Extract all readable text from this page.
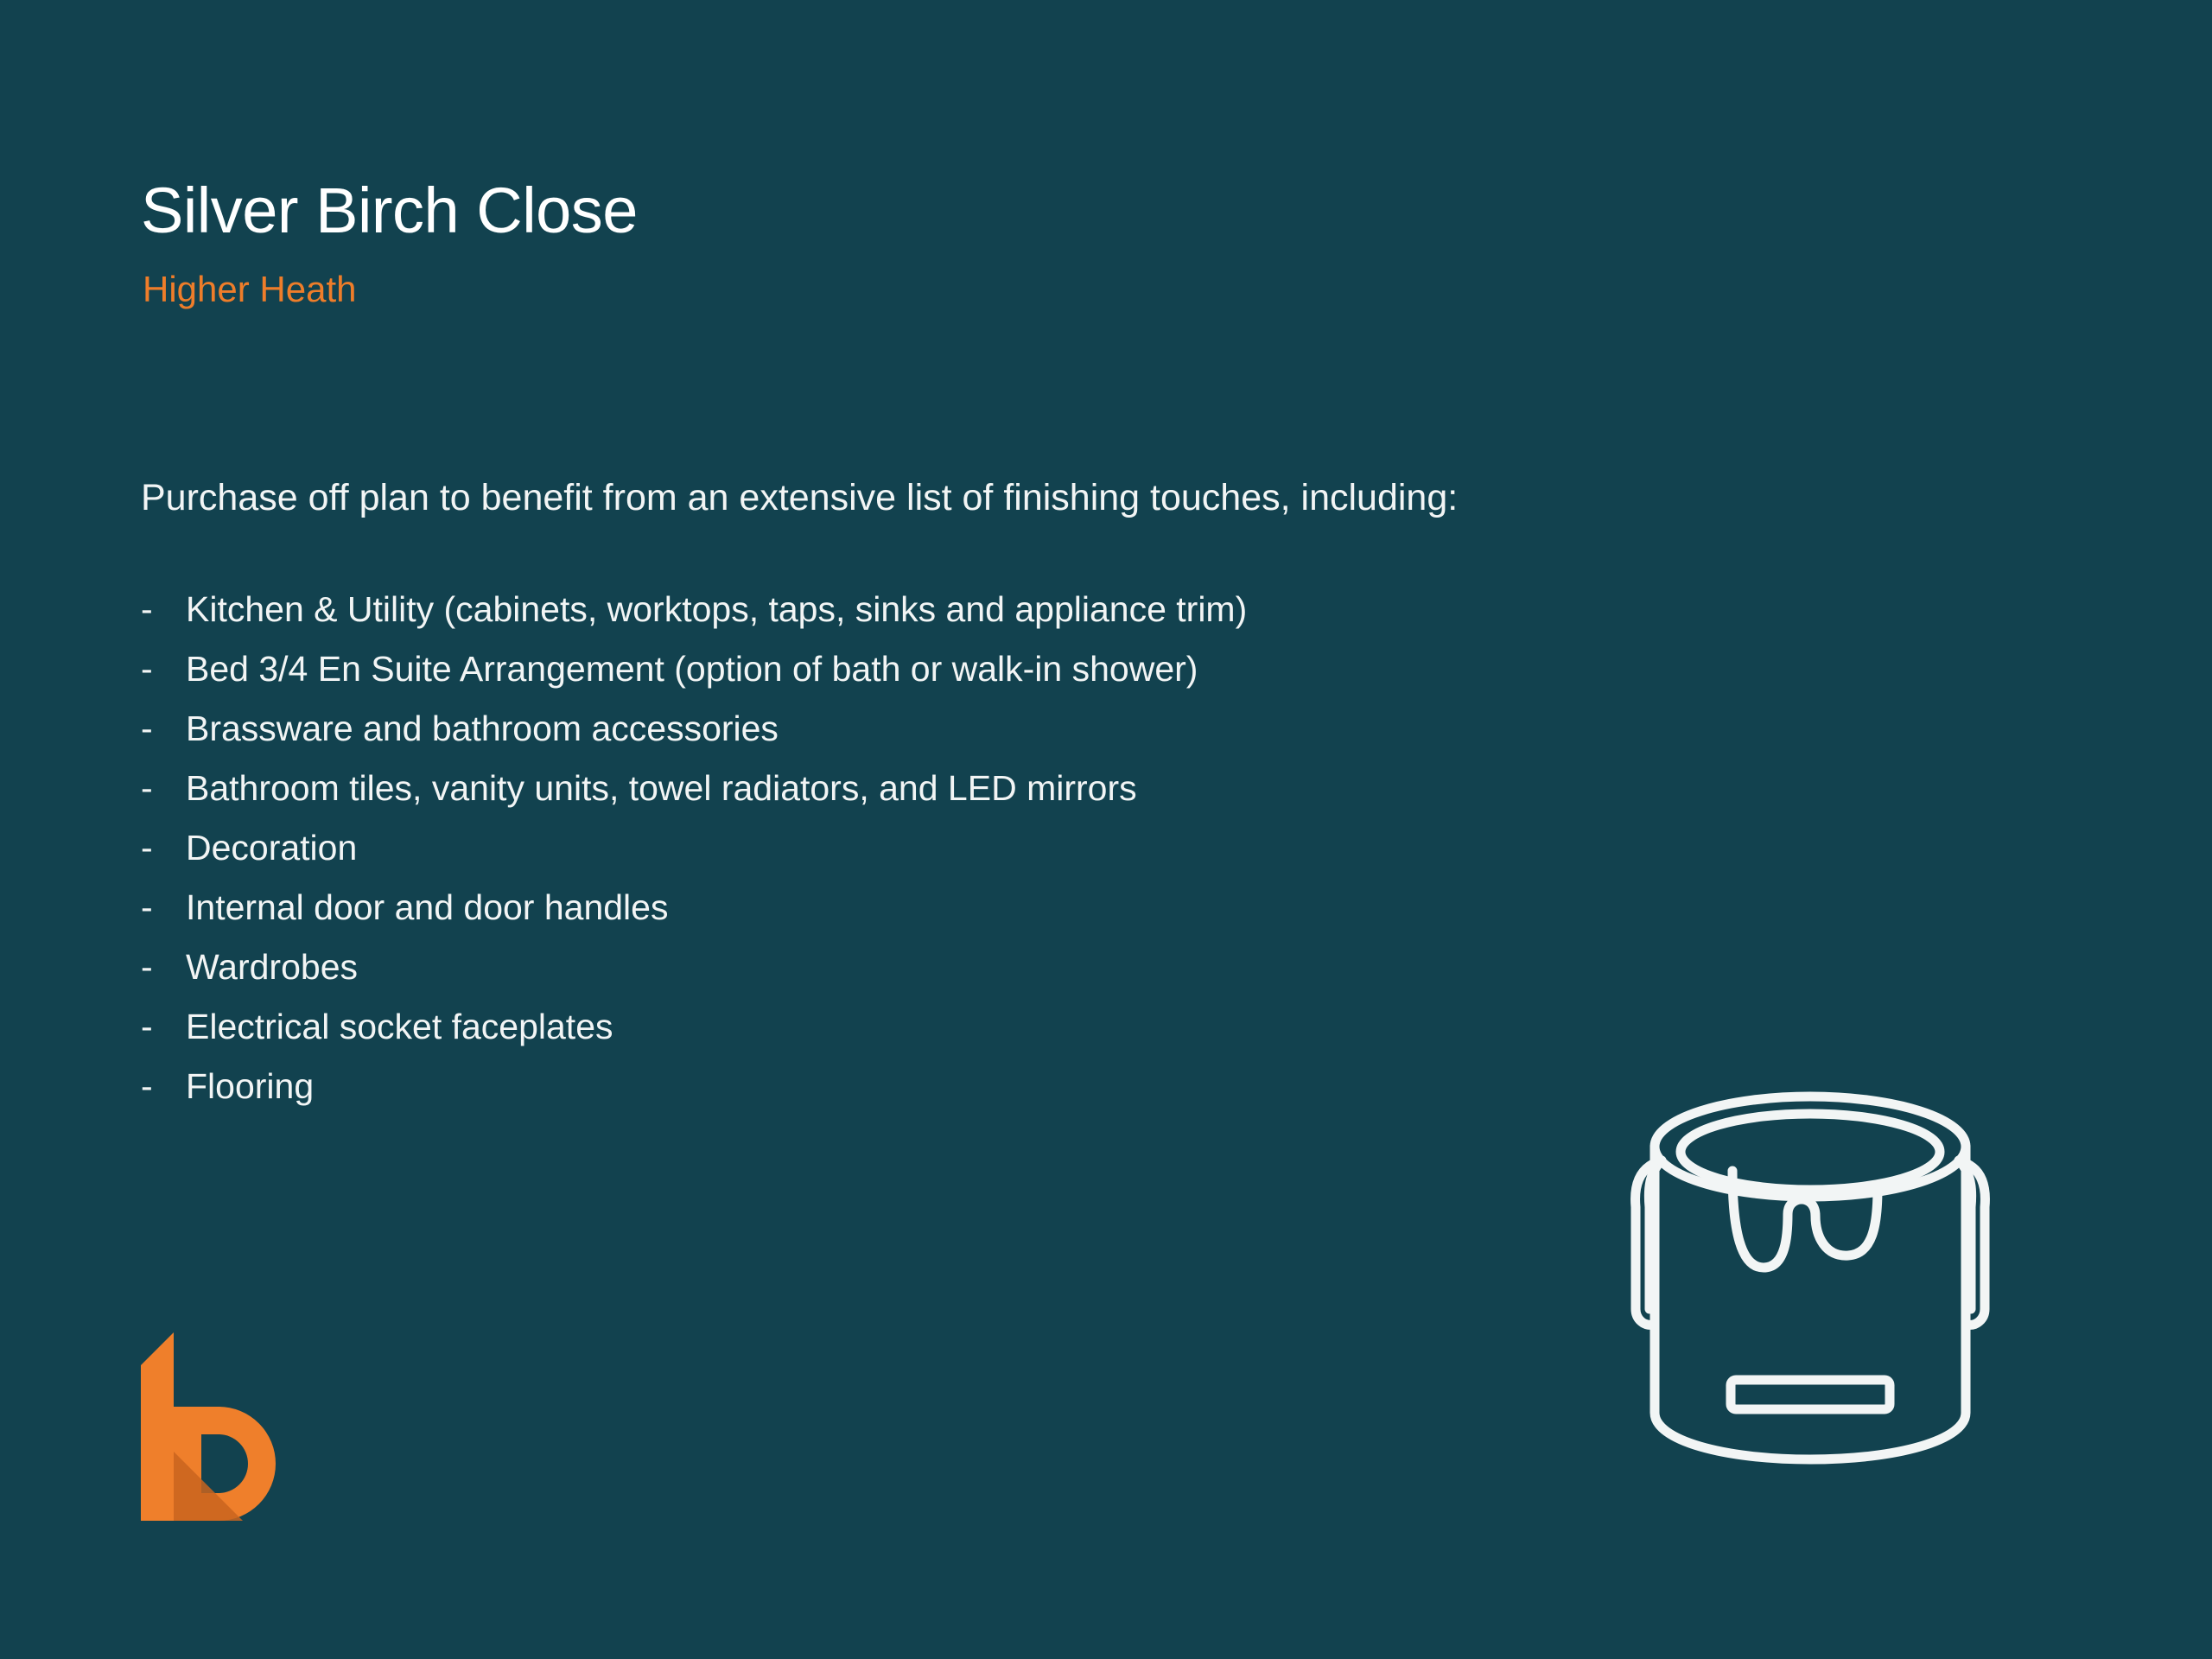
Silver Birch Close
Higher Heath
Purchase off plan to benefit from an extensive list of finishing touches, including:
- Kitchen & Utility (cabinets, worktops, taps, sinks and appliance trim)
- Bed 3/4 En Suite Arrangement (option of bath or walk-in shower)
- Brassware and bathroom accessories
- Bathroom tiles, vanity units, towel radiators, and LED mirrors
- Decoration
- Internal door and door handles
- Wardrobes
- Electrical socket faceplates
- Flooring
